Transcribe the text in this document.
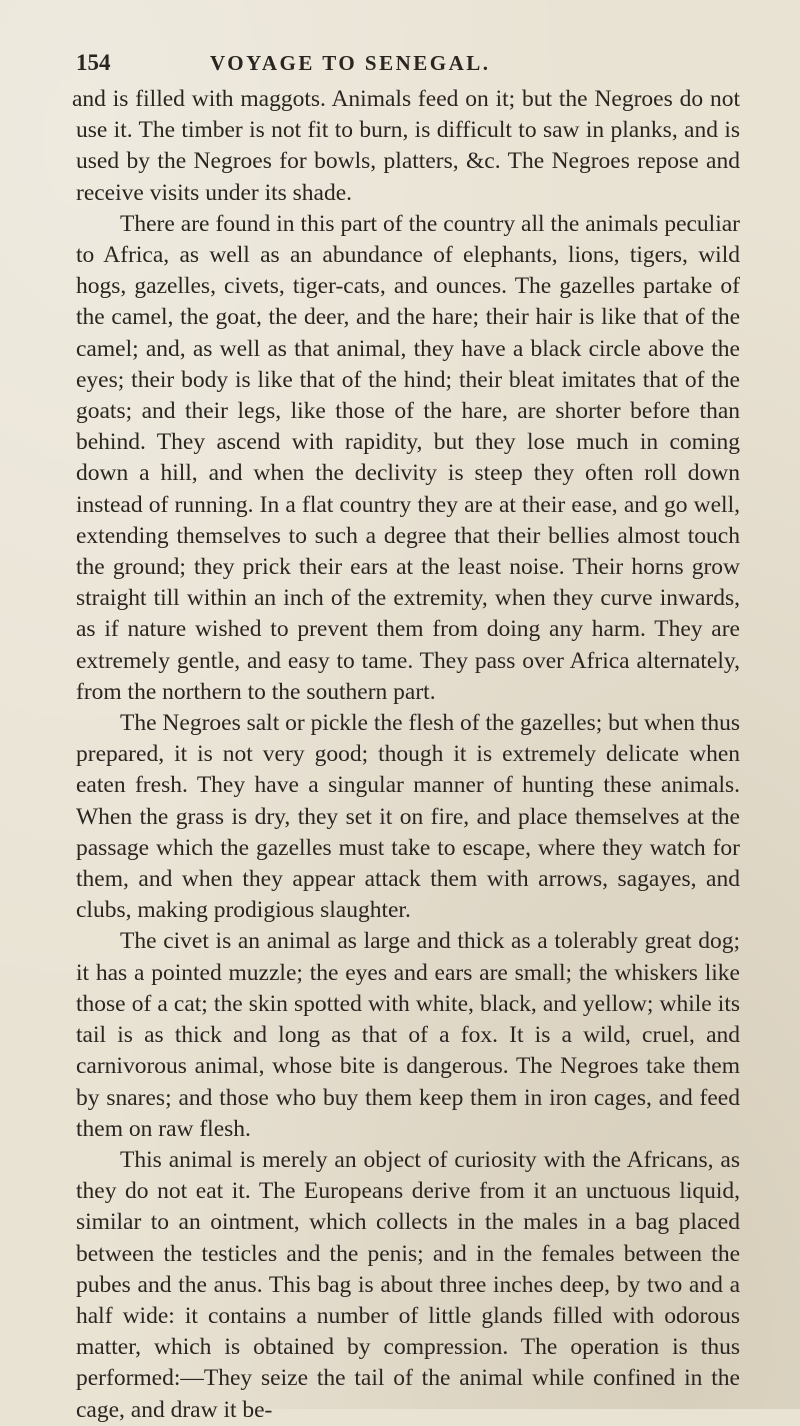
154	VOYAGE TO SENEGAL.

and is filled with maggots. Animals feed on it; but the Negroes do not use it. The timber is not fit to burn, is difficult to saw in planks, and is used by the Negroes for bowls, platters, &c. The Negroes repose and receive visits under its shade.

There are found in this part of the country all the animals peculiar to Africa, as well as an abundance of elephants, lions, tigers, wild hogs, gazelles, civets, tiger-cats, and ounces. The gazelles partake of the camel, the goat, the deer, and the hare; their hair is like that of the camel; and, as well as that animal, they have a black circle above the eyes; their body is like that of the hind; their bleat imitates that of the goats; and their legs, like those of the hare, are shorter before than behind. They ascend with rapidity, but they lose much in coming down a hill, and when the declivity is steep they often roll down instead of running. In a flat country they are at their ease, and go well, extending themselves to such a degree that their bellies almost touch the ground; they prick their ears at the least noise. Their horns grow straight till within an inch of the extremity, when they curve inwards, as if nature wished to prevent them from doing any harm. They are extremely gentle, and easy to tame. They pass over Africa alternately, from the northern to the southern part.

The Negroes salt or pickle the flesh of the gazelles; but when thus prepared, it is not very good; though it is extremely delicate when eaten fresh. They have a singular manner of hunting these animals. When the grass is dry, they set it on fire, and place themselves at the passage which the gazelles must take to escape, where they watch for them, and when they appear attack them with arrows, sagayes, and clubs, making prodigious slaughter.

The civet is an animal as large and thick as a tolerably great dog; it has a pointed muzzle; the eyes and ears are small; the whiskers like those of a cat; the skin spotted with white, black, and yellow; while its tail is as thick and long as that of a fox. It is a wild, cruel, and carnivorous animal, whose bite is dangerous. The Negroes take them by snares; and those who buy them keep them in iron cages, and feed them on raw flesh.

This animal is merely an object of curiosity with the Africans, as they do not eat it. The Europeans derive from it an unctuous liquid, similar to an ointment, which collects in the males in a bag placed between the testicles and the penis; and in the females between the pubes and the anus. This bag is about three inches deep, by two and a half wide: it contains a number of little glands filled with odorous matter, which is obtained by compression. The operation is thus performed:—They seize the tail of the animal while confined in the cage, and draw it be-
